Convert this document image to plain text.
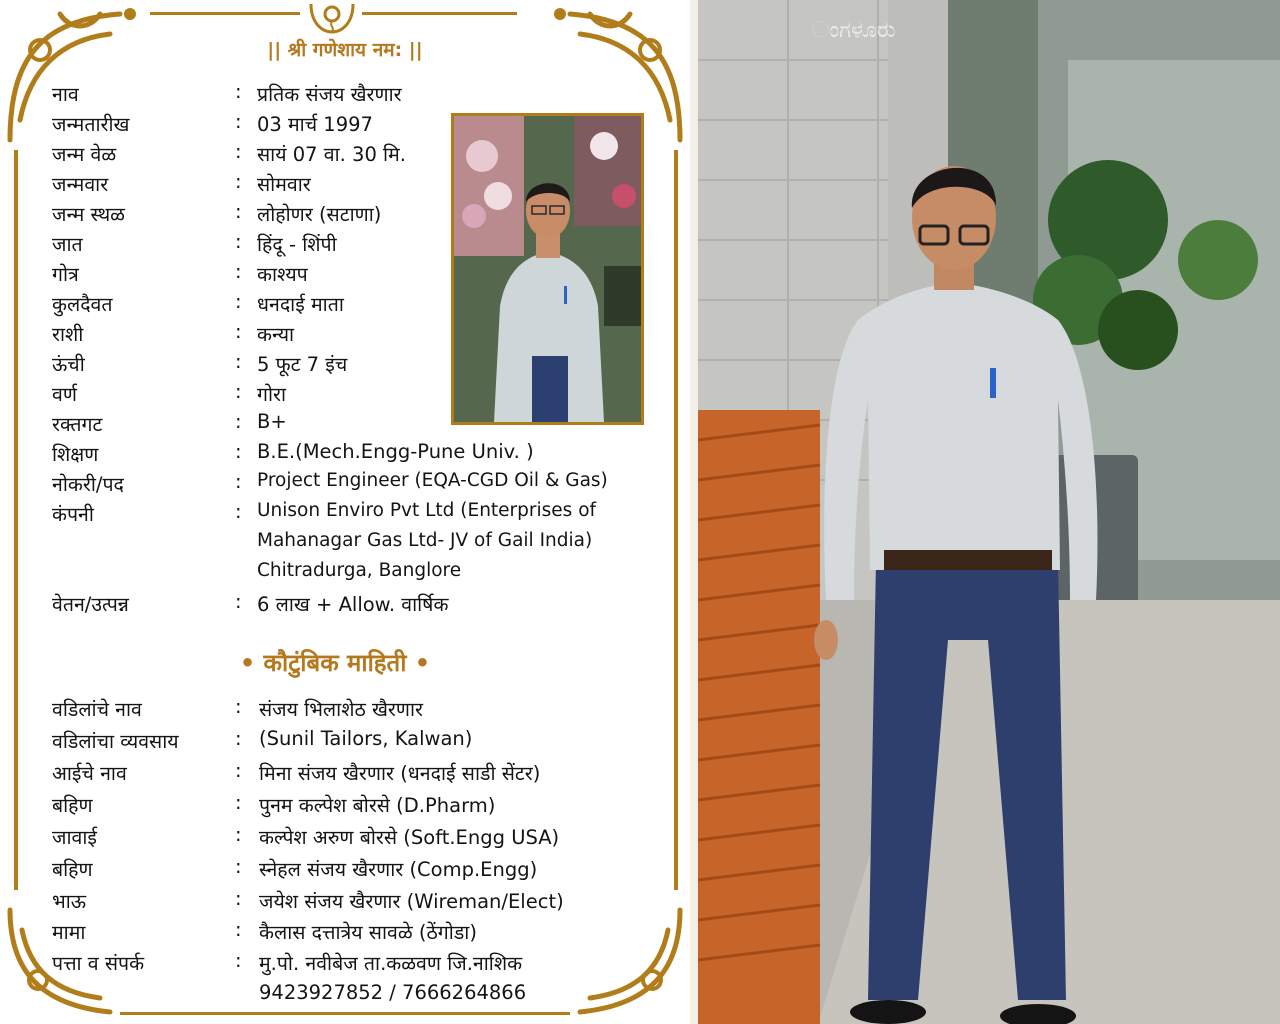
|| श्री गणेशाय नम: ||
नाव	: प्रतिक संजय खैरणार
जन्मतारीख	: 03 मार्च 1997
जन्म वेळ	: सायं 07 वा. 30 मि.
जन्मवार	: सोमवार
जन्म स्थळ	: लोहोणर (सटाणा)
जात	: हिंदू - शिंपी
गोत्र	: काश्यप
कुलदैवत	: धनदाई माता
राशी	: कन्या
ऊंची	: 5 फूट 7 इंच
वर्ण	: गोरा
रक्तगट	: B+
शिक्षण	: B.E.(Mech.Engg-Pune Univ. )
नोकरी/पद	: Project Engineer (EQA-CGD Oil & Gas)
कंपनी	: Unison Enviro Pvt Ltd (Enterprises of
Mahanagar Gas Ltd- JV of Gail India)
Chitradurga, Banglore
वेतन/उत्पन्न	: 6 लाख + Allow. वार्षिक
• कौटुंबिक माहिती •
वडिलांचे नाव	: संजय भिलाशेठ खैरणार
वडिलांचा व्यवसाय	: (Sunil Tailors, Kalwan)
आईचे नाव	: मिना संजय खैरणार (धनदाई साडी सेंटर)
बहिण	: पुनम कल्पेश बोरसे (D.Pharm)
जावाई	: कल्पेश अरुण बोरसे (Soft.Engg USA)
बहिण	: स्नेहल संजय खैरणार (Comp.Engg)
भाऊ	: जयेश संजय खैरणार (Wireman/Elect)
मामा	: कैलास दत्तात्रेय सावळे (ठेंगोडा)
पत्ता व संपर्क	: मु.पो. नवीबेज ता.कळवण जि.नाशिक
9423927852 / 7666264866
ಂಗಳೂರು
